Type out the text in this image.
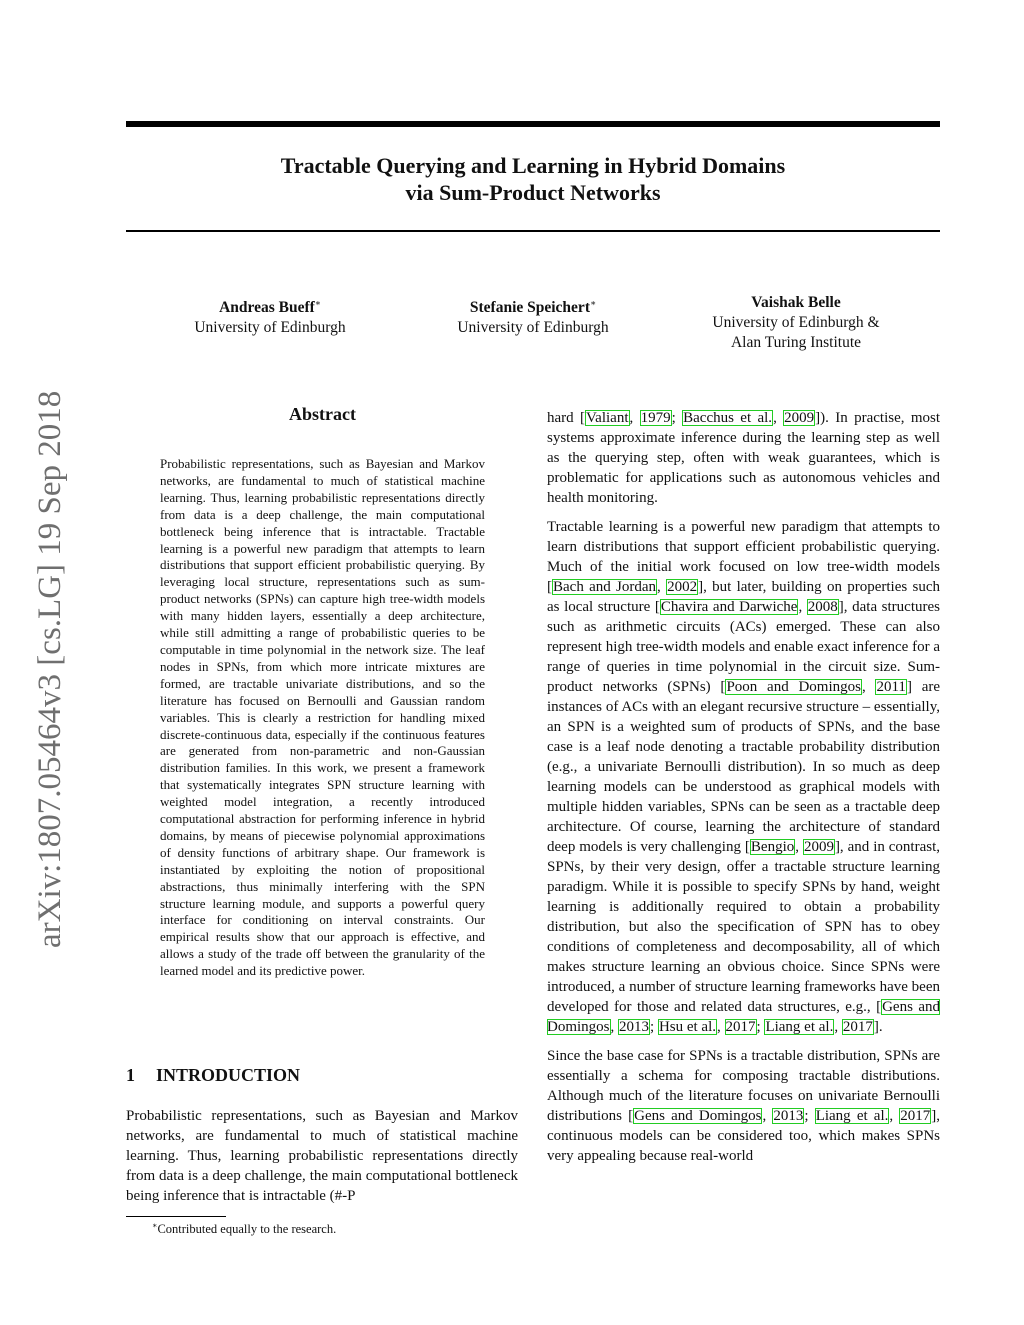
arXiv:1807.05464v3 [cs.LG] 19 Sep 2018
Tractable Querying and Learning in Hybrid Domains
via Sum-Product Networks
Andreas Bueff∗
University of Edinburgh
Stefanie Speichert∗
University of Edinburgh
Vaishak Belle
University of Edinburgh &
Alan Turing Institute
Abstract
Probabilistic representations, such as Bayesian and Markov networks, are fundamental to much of statistical machine learning. Thus, learning probabilistic representations directly from data is a deep challenge, the main computational bottleneck being inference that is intractable. Tractable learning is a powerful new paradigm that attempts to learn distributions that support efficient probabilistic querying. By leveraging local structure, representations such as sum-product networks (SPNs) can capture high tree-width models with many hidden layers, essentially a deep architecture, while still admitting a range of probabilistic queries to be computable in time polynomial in the network size. The leaf nodes in SPNs, from which more intricate mixtures are formed, are tractable univariate distributions, and so the literature has focused on Bernoulli and Gaussian random variables. This is clearly a restriction for handling mixed discrete-continuous data, especially if the continuous features are generated from non-parametric and non-Gaussian distribution families. In this work, we present a framework that systematically integrates SPN structure learning with weighted model integration, a recently introduced computational abstraction for performing inference in hybrid domains, by means of piecewise polynomial approximations of density functions of arbitrary shape. Our framework is instantiated by exploiting the notion of propositional abstractions, thus minimally interfering with the SPN structure learning module, and supports a powerful query interface for conditioning on interval constraints. Our empirical results show that our approach is effective, and allows a study of the trade off between the granularity of the learned model and its predictive power.
1 INTRODUCTION

Probabilistic representations, such as Bayesian and Markov networks, are fundamental to much of statistical machine learning. Thus, learning probabilistic representations directly from data is a deep challenge, the main computational bottleneck being inference that is intractable (#-P

∗Contributed equally to the research.

hard [Valiant, 1979; Bacchus et al., 2009]). In practise, most systems approximate inference during the learning step as well as the querying step, often with weak guarantees, which is problematic for applications such as autonomous vehicles and health monitoring.

Tractable learning is a powerful new paradigm that attempts to learn distributions that support efficient probabilistic querying. Much of the initial work focused on low tree-width models [Bach and Jordan, 2002], but later, building on properties such as local structure [Chavira and Darwiche, 2008], data structures such as arithmetic circuits (ACs) emerged. These can also represent high tree-width models and enable exact inference for a range of queries in time polynomial in the circuit size. Sum-product networks (SPNs) [Poon and Domingos, 2011] are instances of ACs with an elegant recursive structure – essentially, an SPN is a weighted sum of products of SPNs, and the base case is a leaf node denoting a tractable probability distribution (e.g., a univariate Bernoulli distribution). In so much as deep learning models can be understood as graphical models with multiple hidden variables, SPNs can be seen as a tractable deep architecture. Of course, learning the architecture of standard deep models is very challenging [Bengio, 2009], and in contrast, SPNs, by their very design, offer a tractable structure learning paradigm. While it is possible to specify SPNs by hand, weight learning is additionally required to obtain a probability distribution, but also the specification of SPN has to obey conditions of completeness and decomposability, all of which makes structure learning an obvious choice. Since SPNs were introduced, a number of structure learning frameworks have been developed for those and related data structures, e.g., [Gens and Domingos, 2013; Hsu et al., 2017; Liang et al., 2017].

Since the base case for SPNs is a tractable distribution, SPNs are essentially a schema for composing tractable distributions. Although much of the literature focuses on univariate Bernoulli distributions [Gens and Domingos, 2013; Liang et al., 2017], continuous models can be considered too, which makes SPNs very appealing because real-world
